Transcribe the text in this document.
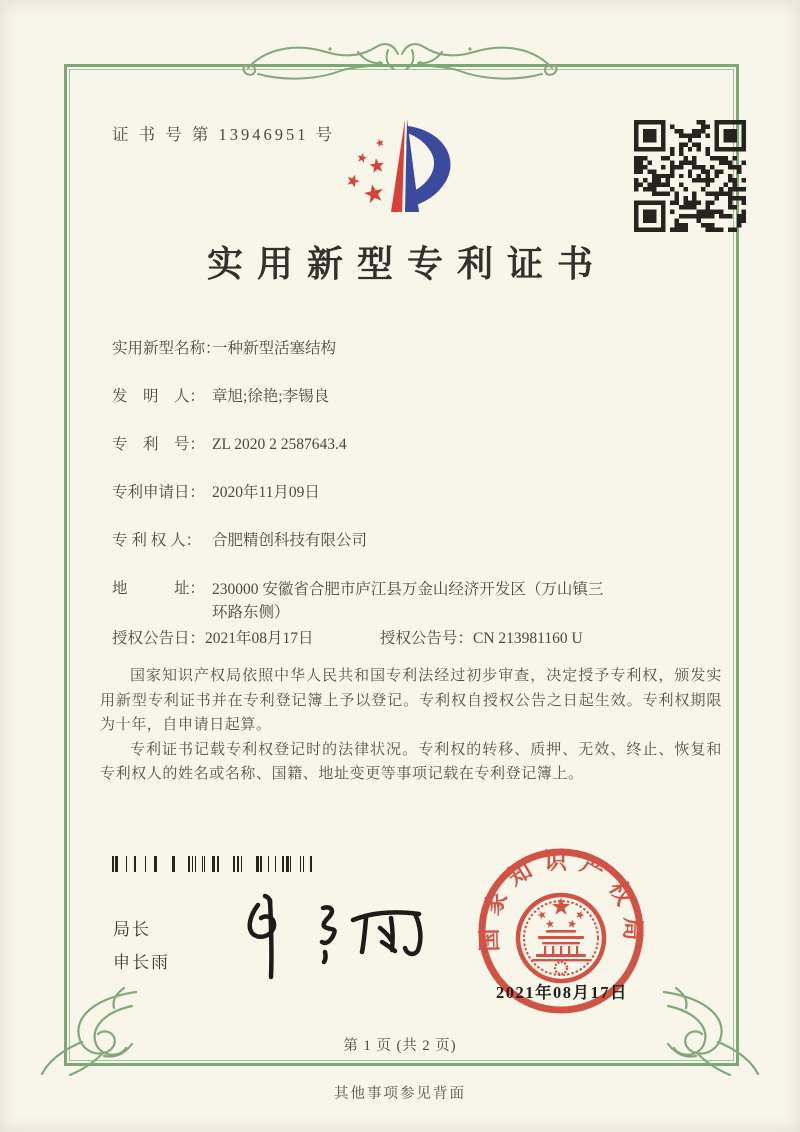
证 书 号 第 13946951 号
实用新型专利证书
实用新型名称：一种新型活塞结构
发　明　人： 章旭;徐艳;李锡良
专　利　号： ZL 2020 2 2587643.4
专利申请日： 2020年11月09日
专 利 权 人： 合肥精创科技有限公司
地　　　址： 230000 安徽省合肥市庐江县万金山经济开发区（万山镇三环路东侧）
授权公告日：2021年08月17日	授权公告号：CN 213981160 U

国家知识产权局依照中华人民共和国专利法经过初步审查，决定授予专利权，颁发实用新型专利证书并在专利登记簿上予以登记。专利权自授权公告之日起生效。专利权期限为十年，自申请日起算。

专利证书记载专利权登记时的法律状况。专利权的转移、质押、无效、终止、恢复和专利权人的姓名或名称、国籍、地址变更等事项记载在专利登记簿上。

局长
申长雨
国家知识产权局
2021年08月17日
第 1 页 (共 2 页)
其他事项参见背面
